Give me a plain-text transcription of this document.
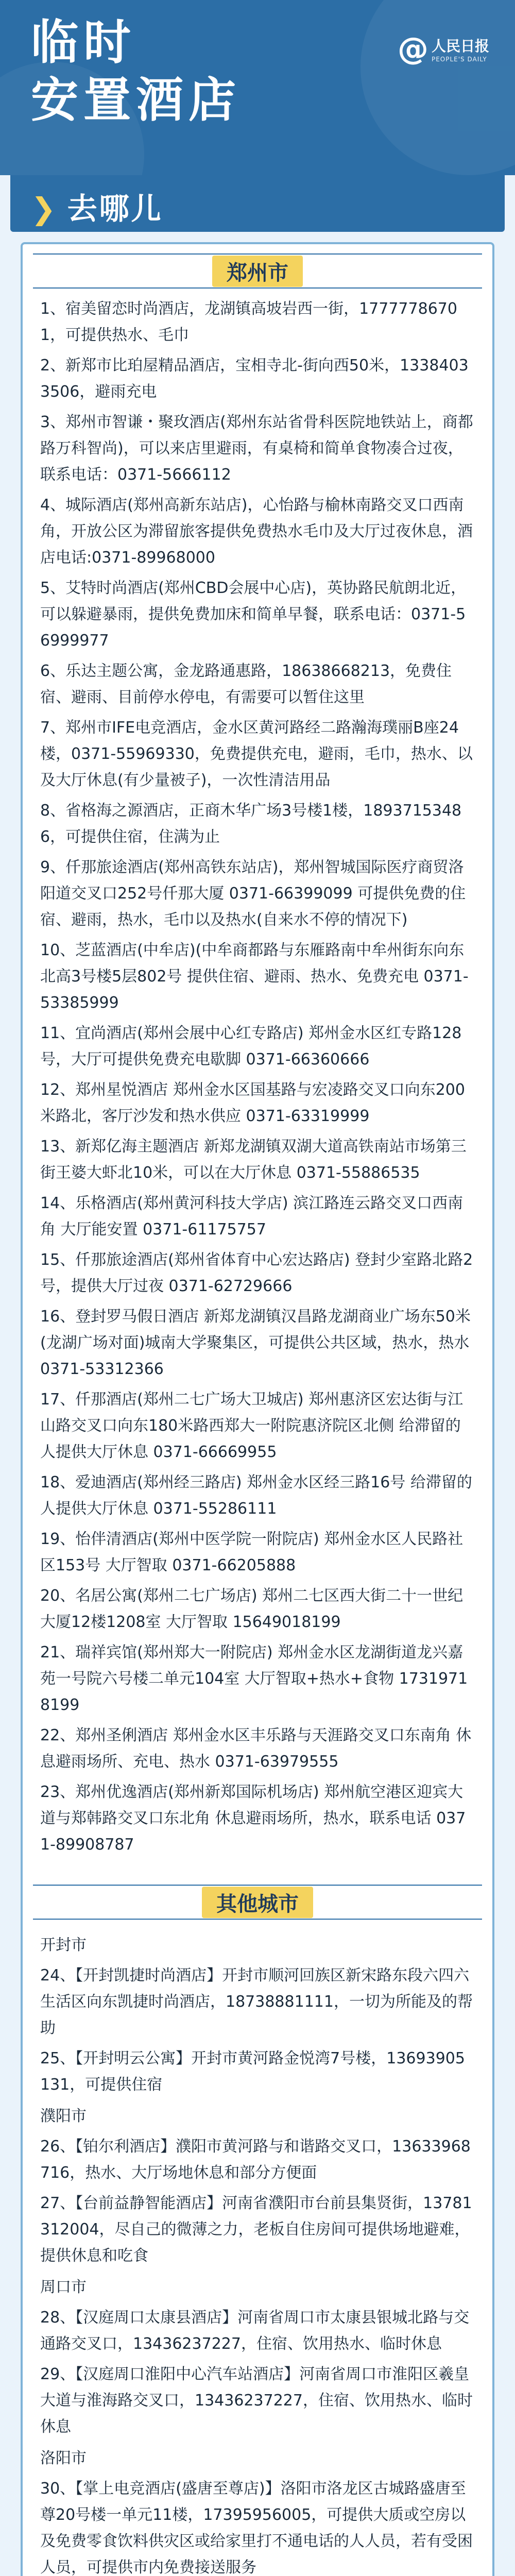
临时
安置酒店
@ 人民日报
PEOPLE'S DAILY
❯ 去哪儿
郑州市

1、宿美留恋时尚酒店，龙湖镇高坡岩西一街，17777786701，可提供热水、毛巾

2、新郑市比珀屋精品酒店，宝相寺北-街向西50米，13384033506，避雨充电

3、郑州市智谦・聚玫酒店(郑州东站省骨科医院地铁站上，商都路万科智尚)，可以来店里避雨，有桌椅和简单食物凑合过夜，联系电话：0371-5666112

4、城际酒店(郑州高新东站店)，心怡路与榆林南路交叉口西南角，开放公区为滞留旅客提供免费热水毛巾及大厅过夜休息，酒店电话:0371-89968000

5、艾特时尚酒店(郑州CBD会展中心店)，英协路民航朗北近，可以躲避暴雨，提供免费加床和简单早餐，联系电话：0371-56999977

6、乐达主题公寓，金龙路通惠路，18638668213，免费住宿、避雨、目前停水停电，有需要可以暂住这里

7、郑州市IFE电竞酒店，金水区黄河路经二路瀚海璞丽B座24楼，0371-55969330，免费提供充电，避雨，毛巾，热水、以及大厅休息(有少量被子)，一次性清洁用品

8、省格海之源酒店，正商木华广场3号楼1楼，18937153486，可提供住宿，住满为止

9、仟那旅途酒店(郑州高铁东站店)，郑州智城国际医疗商贸洛阳道交叉口252号仟那大厦 0371-66399099 可提供免费的住宿、避雨，热水，毛巾以及热水(自来水不停的情况下)

10、芝蓝酒店(中牟店)(中牟商都路与东雁路南中牟州街东向东北高3号楼5层802号 提供住宿、避雨、热水、免费充电 0371-53385999

11、宜尚酒店(郑州会展中心红专路店) 郑州金水区红专路128号，大厅可提供免费充电歇脚 0371-66360666

12、郑州星悦酒店 郑州金水区国基路与宏凌路交叉口向东200米路北，客厅沙发和热水供应 0371-63319999

13、新郑亿海主题酒店 新郑龙湖镇双湖大道高铁南站市场第三街王婆大虾北10米，可以在大厅休息 0371-55886535

14、乐格酒店(郑州黄河科技大学店) 滨江路连云路交叉口西南角 大厅能安置 0371-61175757

15、仟那旅途酒店(郑州省体育中心宏达路店) 登封少室路北路2号，提供大厅过夜 0371-62729666

16、登封罗马假日酒店 新郑龙湖镇汉昌路龙湖商业广场东50米(龙湖广场对面)城南大学聚集区，可提供公共区域，热水，热水 0371-53312366

17、仟那酒店(郑州二七广场大卫城店) 郑州惠济区宏达街与江山路交叉口向东180米路西郑大一附院惠济院区北侧 给滞留的人提供大厅休息 0371-66669955

18、爱迪酒店(郑州经三路店) 郑州金水区经三路16号 给滞留的人提供大厅休息 0371-55286111

19、怡伴清酒店(郑州中医学院一附院店) 郑州金水区人民路社区153号 大厅智取 0371-66205888

20、名居公寓(郑州二七广场店) 郑州二七区西大街二十一世纪大厦12楼1208室 大厅智取 15649018199

21、瑞祥宾馆(郑州郑大一附院店) 郑州金水区龙湖街道龙兴嘉苑一号院六号楼二单元104室 大厅智取+热水+食物 17319718199

22、郑州圣俐酒店 郑州金水区丰乐路与天涯路交叉口东南角 休息避雨场所、充电、热水 0371-63979555

23、郑州优逸酒店(郑州新郑国际机场店) 郑州航空港区迎宾大道与郑韩路交叉口东北角 休息避雨场所，热水，联系电话 0371-89908787

其他城市

开封市

24、【开封凯捷时尚酒店】开封市顺河回族区新宋路东段六四六生活区向东凯捷时尚酒店，18738881111，一切为所能及的帮助

25、【开封明云公寓】开封市黄河路金悦湾7号楼，13693905131，可提供住宿

濮阳市

26、【铂尔利酒店】濮阳市黄河路与和谐路交叉口，13633968716，热水、大厅场地休息和部分方便面

27、【台前益静智能酒店】河南省濮阳市台前县集贤街，13781312004，尽自己的微薄之力，老板自住房间可提供场地避难，提供休息和吃食

周口市

28、【汉庭周口太康县酒店】河南省周口市太康县银城北路与交通路交叉口，13436237227，住宿、饮用热水、临时休息

29、【汉庭周口淮阳中心汽车站酒店】河南省周口市淮阳区羲皇大道与淮海路交叉口，13436237227，住宿、饮用热水、临时休息

洛阳市

30、【掌上电竞酒店(盛唐至尊店)】洛阳市洛龙区古城路盛唐至尊20号楼一单元11楼，17395956005，可提供大质或空房以及免费零食饮料供灾区或给家里打不通电话的人人员，若有受困人员，可提供市内免费接送服务
